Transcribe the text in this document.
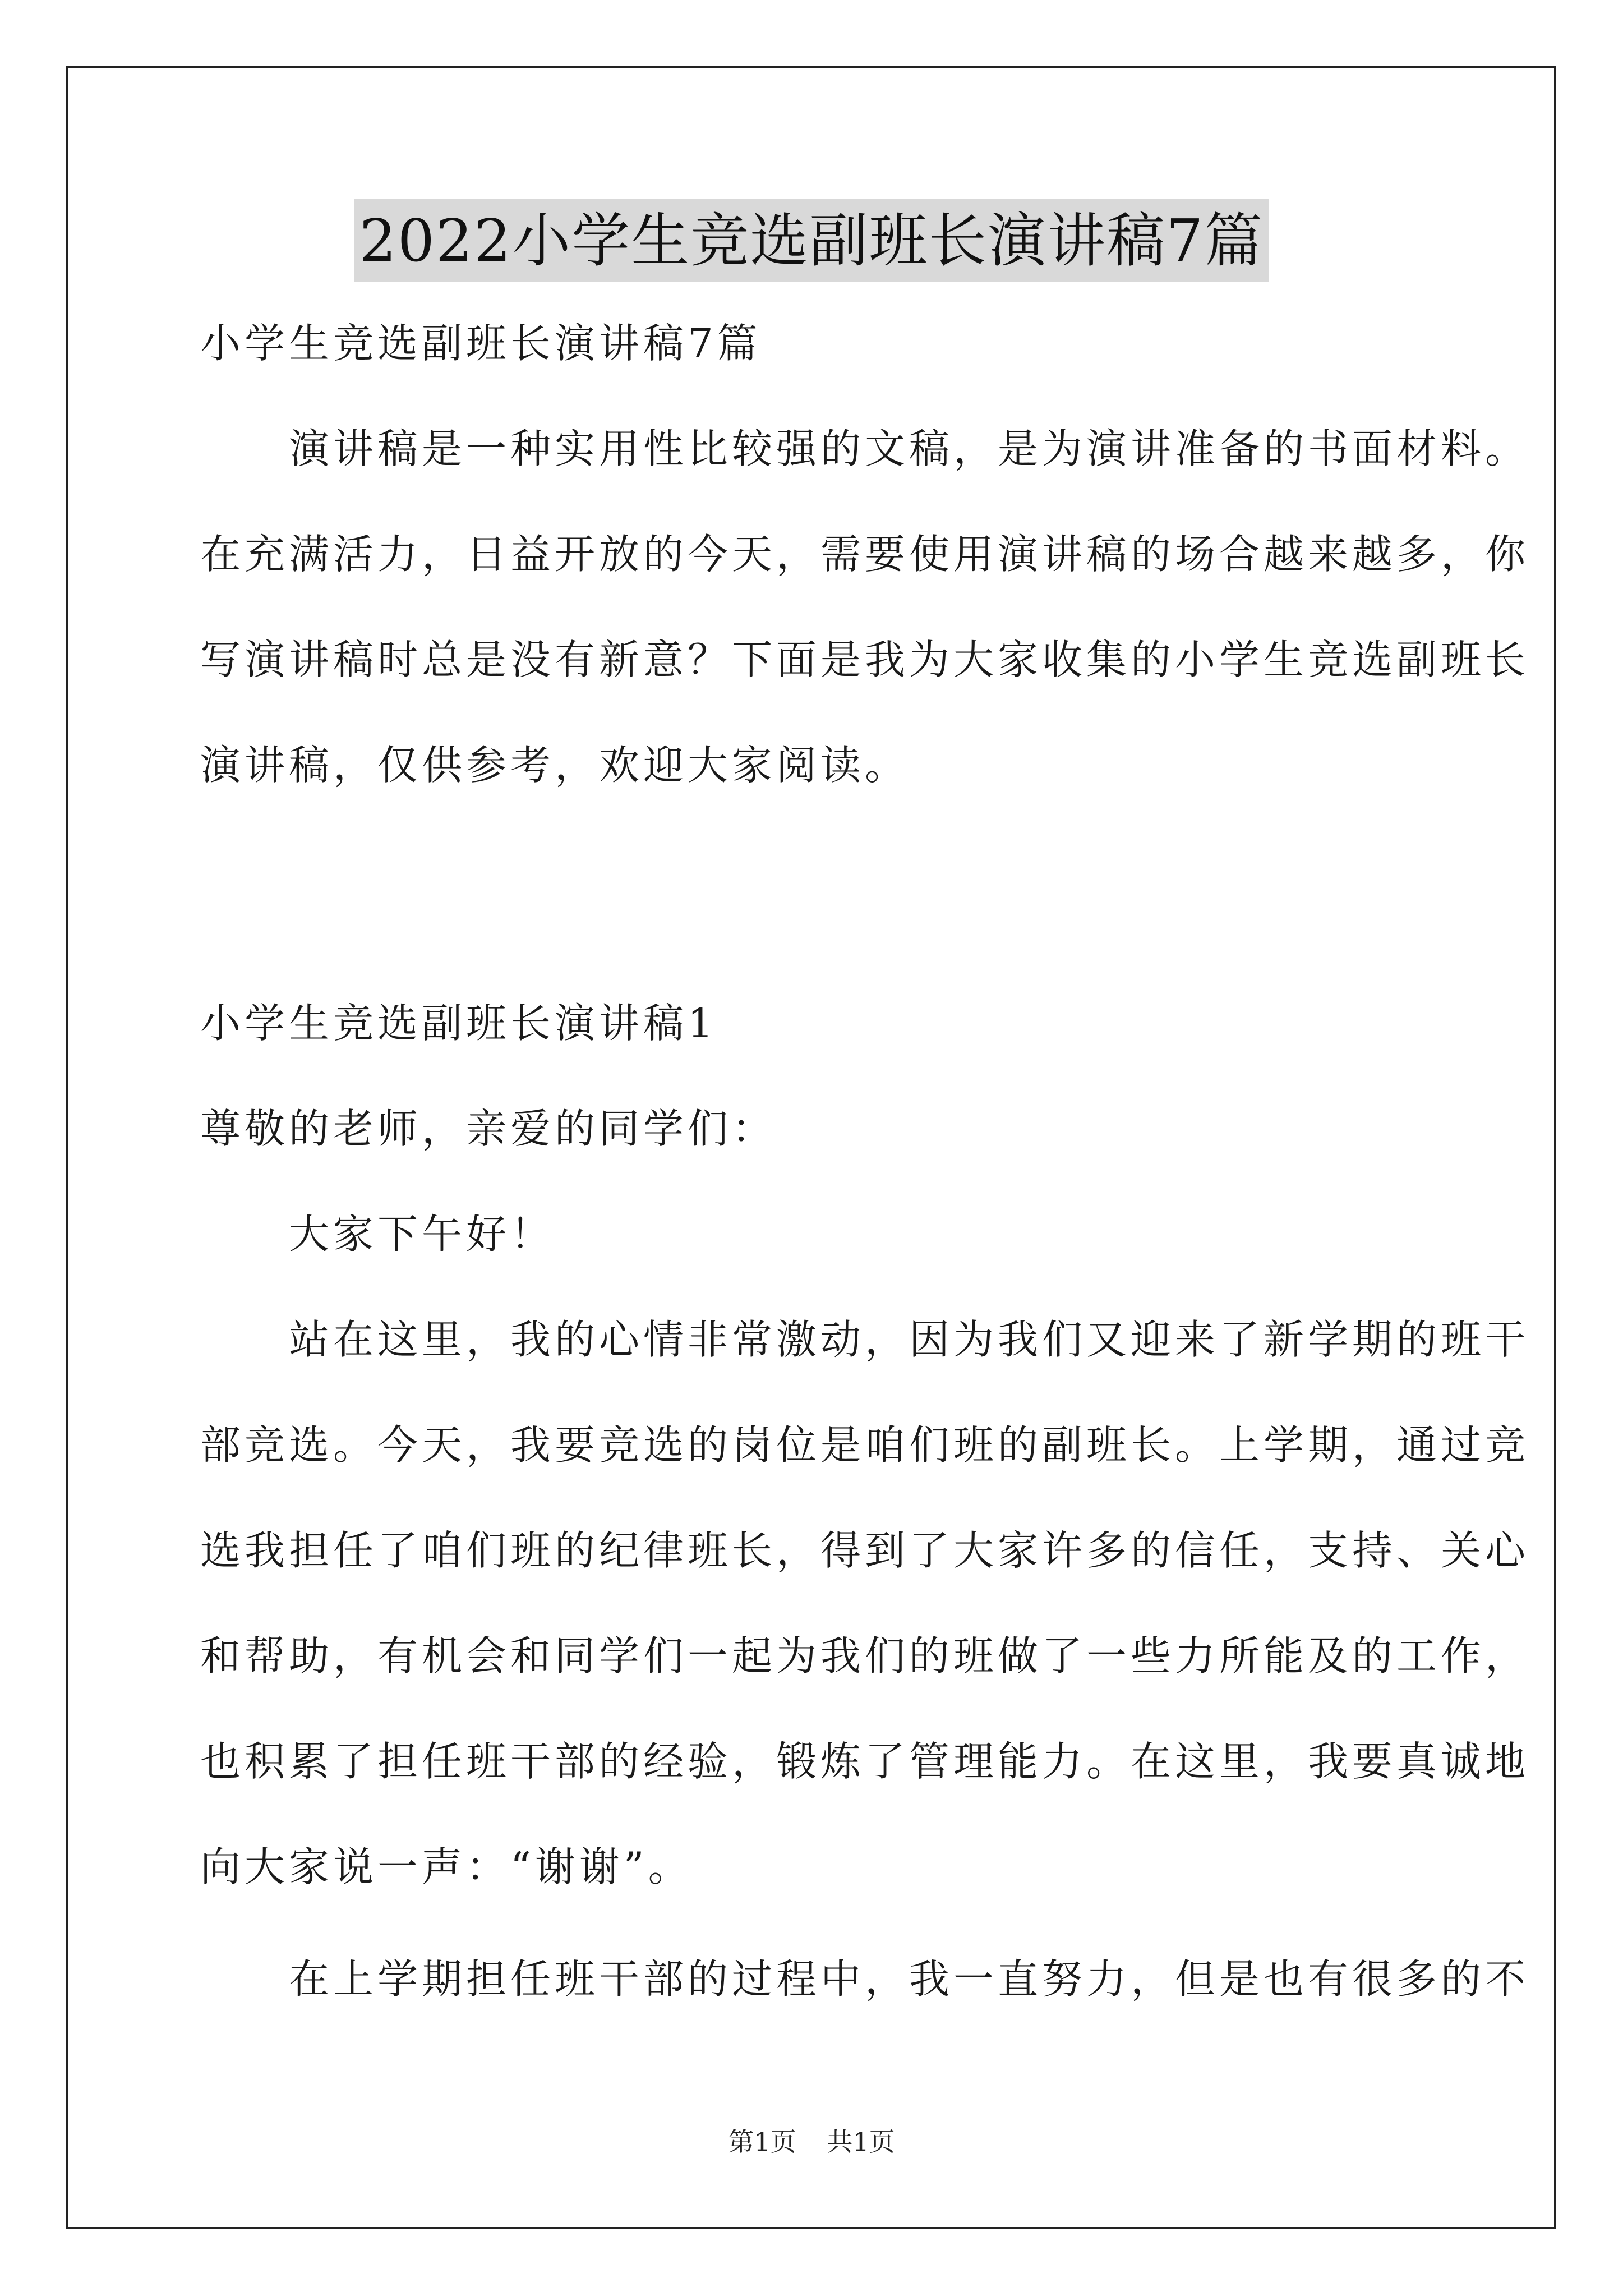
2022小学生竞选副班长演讲稿7篇
小学生竞选副班长演讲稿7篇
　　演讲稿是一种实用性比较强的文稿，是为演讲准备的书面材料。
在充满活力，日益开放的今天，需要使用演讲稿的场合越来越多，你
写演讲稿时总是没有新意？下面是我为大家收集的小学生竞选副班长
演讲稿，仅供参考，欢迎大家阅读。
小学生竞选副班长演讲稿1
尊敬的老师，亲爱的同学们：
　　大家下午好！
　　站在这里，我的心情非常激动，因为我们又迎来了新学期的班干
部竞选。今天，我要竞选的岗位是咱们班的副班长。上学期，通过竞
选我担任了咱们班的纪律班长，得到了大家许多的信任，支持、关心
和帮助，有机会和同学们一起为我们的班做了一些力所能及的工作，
也积累了担任班干部的经验，锻炼了管理能力。在这里，我要真诚地
向大家说一声：“谢谢”。
　　在上学期担任班干部的过程中，我一直努力，但是也有很多的不
第1页 共1页
